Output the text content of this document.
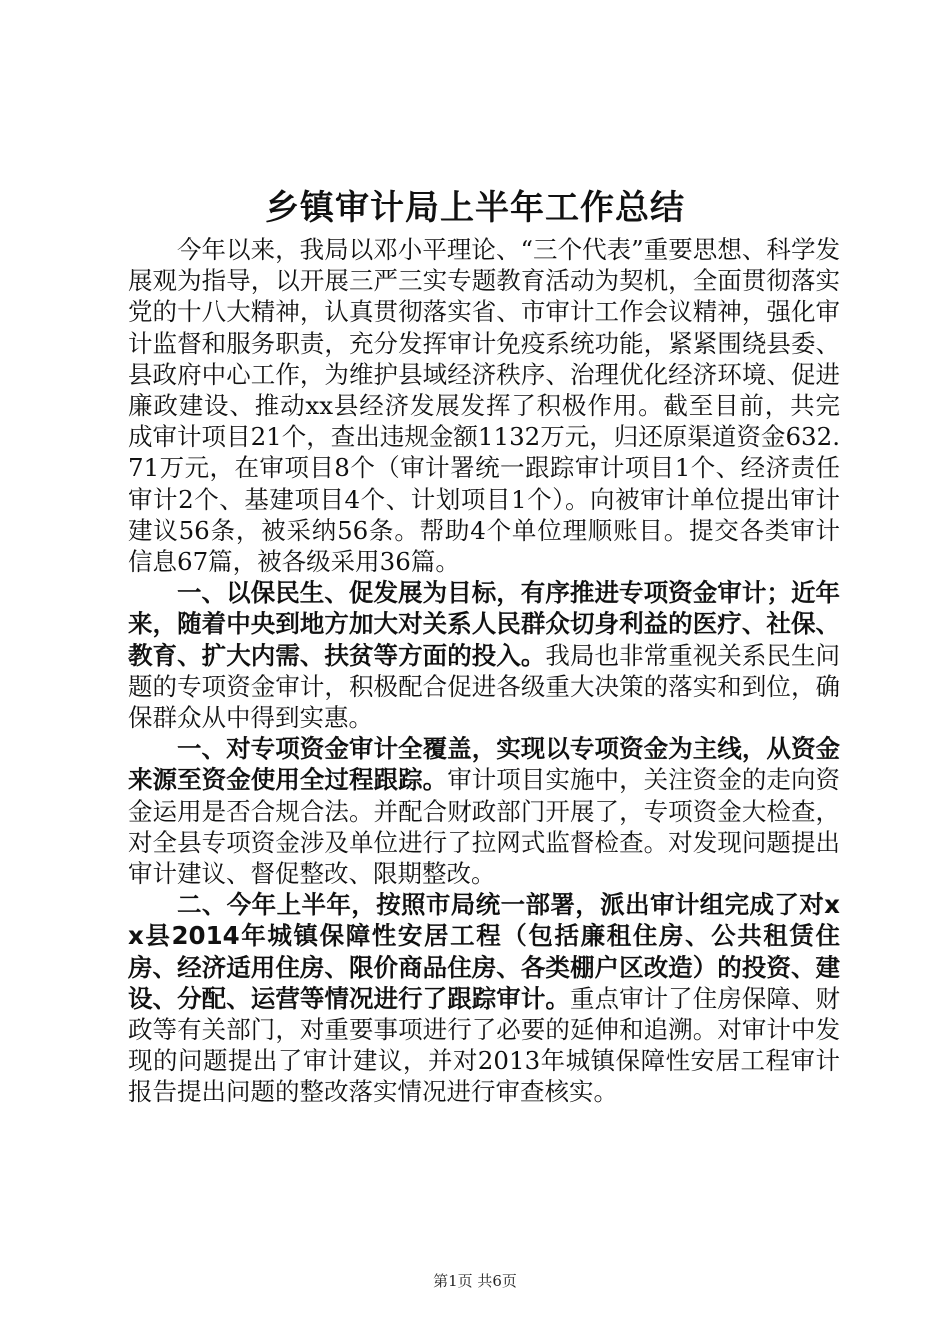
乡镇审计局上半年工作总结

今年以来，我局以邓小平理论、“三个代表”重要思想、科学发展观为指导，以开展三严三实专题教育活动为契机，全面贯彻落实党的十八大精神，认真贯彻落实省、市审计工作会议精神，强化审计监督和服务职责，充分发挥审计免疫系统功能，紧紧围绕县委、县政府中心工作，为维护县域经济秩序、治理优化经济环境、促进廉政建设、推动xx县经济发展发挥了积极作用。截至目前，共完成审计项目21个，查出违规金额1132万元，归还原渠道资金632.71万元，在审项目8个（审计署统一跟踪审计项目1个、经济责任审计2个、基建项目4个、计划项目1个）。向被审计单位提出审计建议56条，被采纳56条。帮助4个单位理顺账目。提交各类审计信息67篇，被各级采用36篇。

一、以保民生、促发展为目标，有序推进专项资金审计；近年来，随着中央到地方加大对关系人民群众切身利益的医疗、社保、教育、扩大内需、扶贫等方面的投入。我局也非常重视关系民生问题的专项资金审计，积极配合促进各级重大决策的落实和到位，确保群众从中得到实惠。

一、对专项资金审计全覆盖，实现以专项资金为主线，从资金来源至资金使用全过程跟踪。审计项目实施中，关注资金的走向资金运用是否合规合法。并配合财政部门开展了，专项资金大检查，对全县专项资金涉及单位进行了拉网式监督检查。对发现问题提出审计建议、督促整改、限期整改。

二、今年上半年，按照市局统一部署，派出审计组完成了对xx县2014年城镇保障性安居工程（包括廉租住房、公共租赁住房、经济适用住房、限价商品住房、各类棚户区改造）的投资、建设、分配、运营等情况进行了跟踪审计。重点审计了住房保障、财政等有关部门，对重要事项进行了必要的延伸和追溯。对审计中发现的问题提出了审计建议，并对2013年城镇保障性安居工程审计报告提出问题的整改落实情况进行审查核实。

第1页 共6页
